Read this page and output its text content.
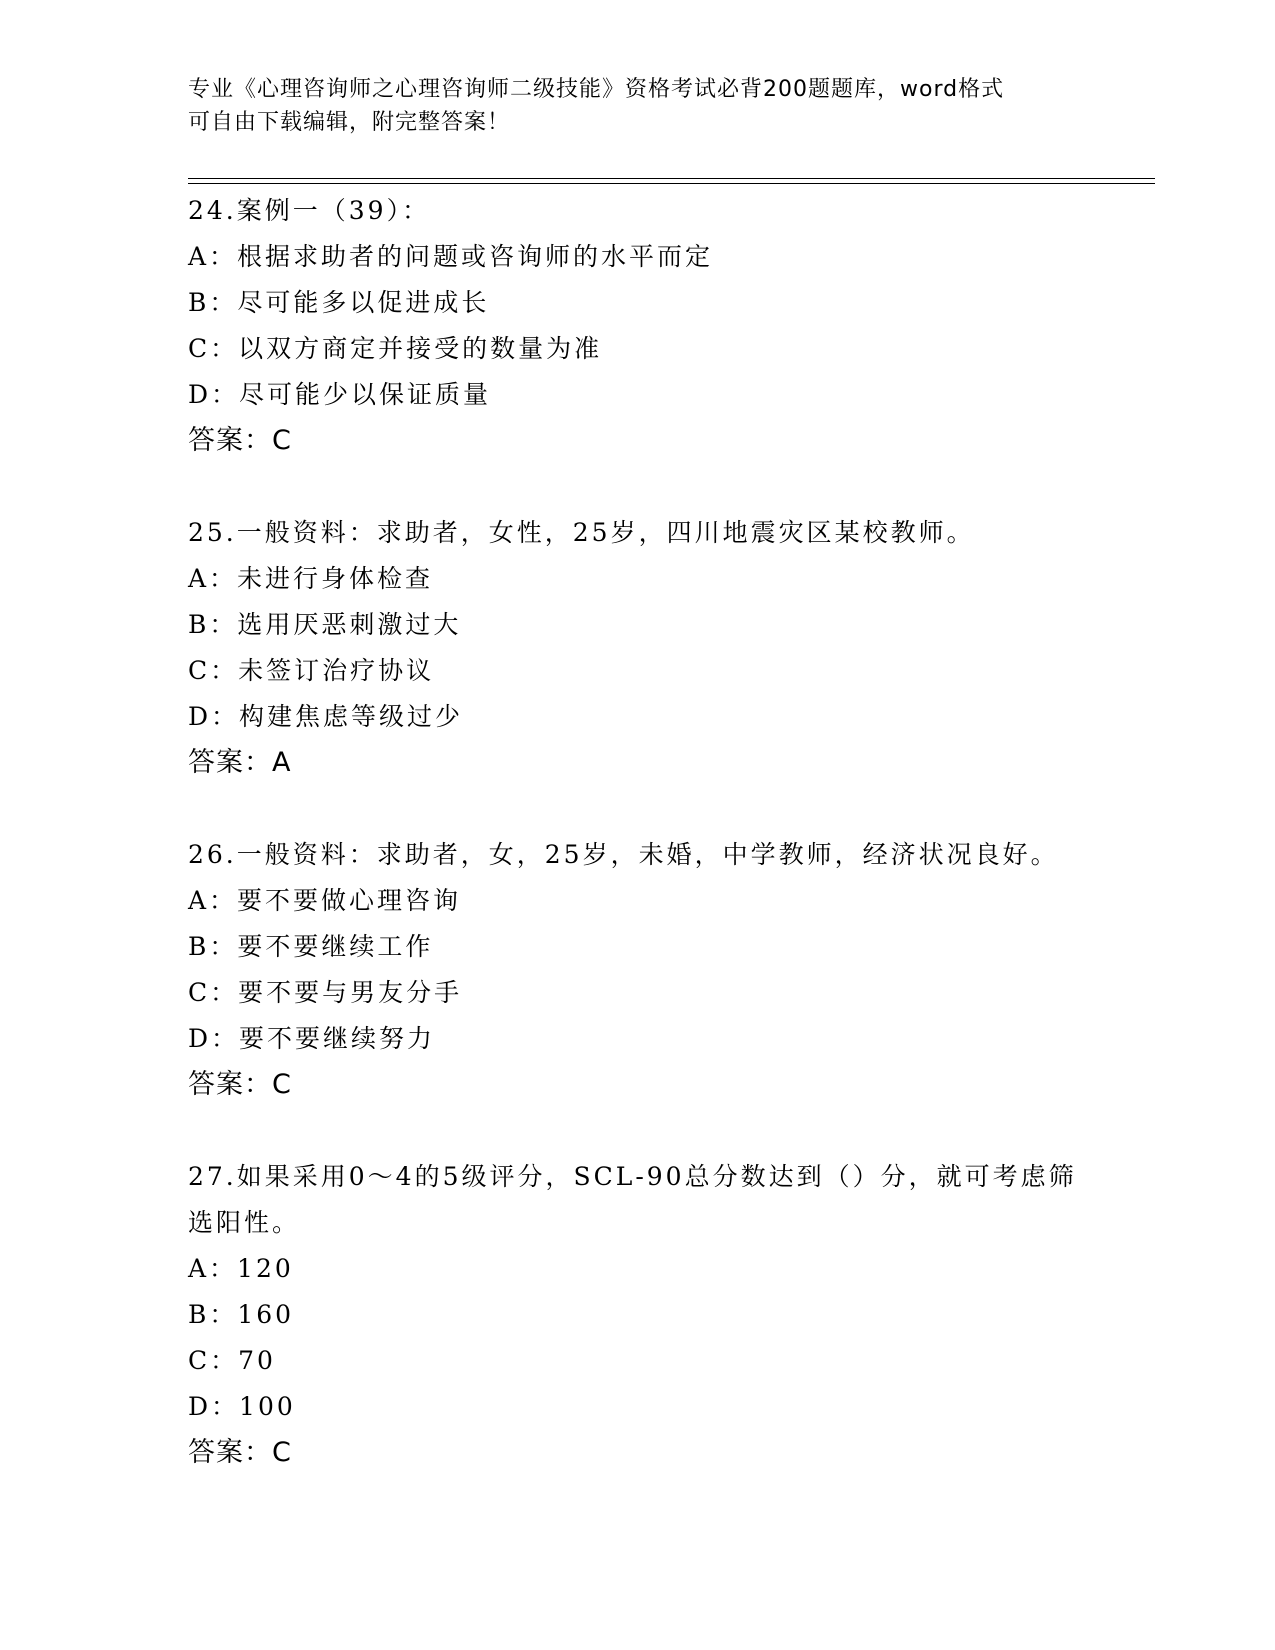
专业《心理咨询师之心理咨询师二级技能》资格考试必背200题题库，word格式
可自由下载编辑，附完整答案！
24.案例一（39）：
A：根据求助者的问题或咨询师的水平而定
B：尽可能多以促进成长
C：以双方商定并接受的数量为准
D：尽可能少以保证质量
答案：C
25.一般资料：求助者，女性，25岁，四川地震灾区某校教师。
A：未进行身体检查
B：选用厌恶刺激过大
C：未签订治疗协议
D：构建焦虑等级过少
答案：A
26.一般资料：求助者，女，25岁，未婚，中学教师，经济状况良好。
A：要不要做心理咨询
B：要不要继续工作
C：要不要与男友分手
D：要不要继续努力
答案：C
27.如果采用0～4的5级评分，SCL-90总分数达到（）分，就可考虑筛选阳性。
A：120
B：160
C：70
D：100
答案：C
